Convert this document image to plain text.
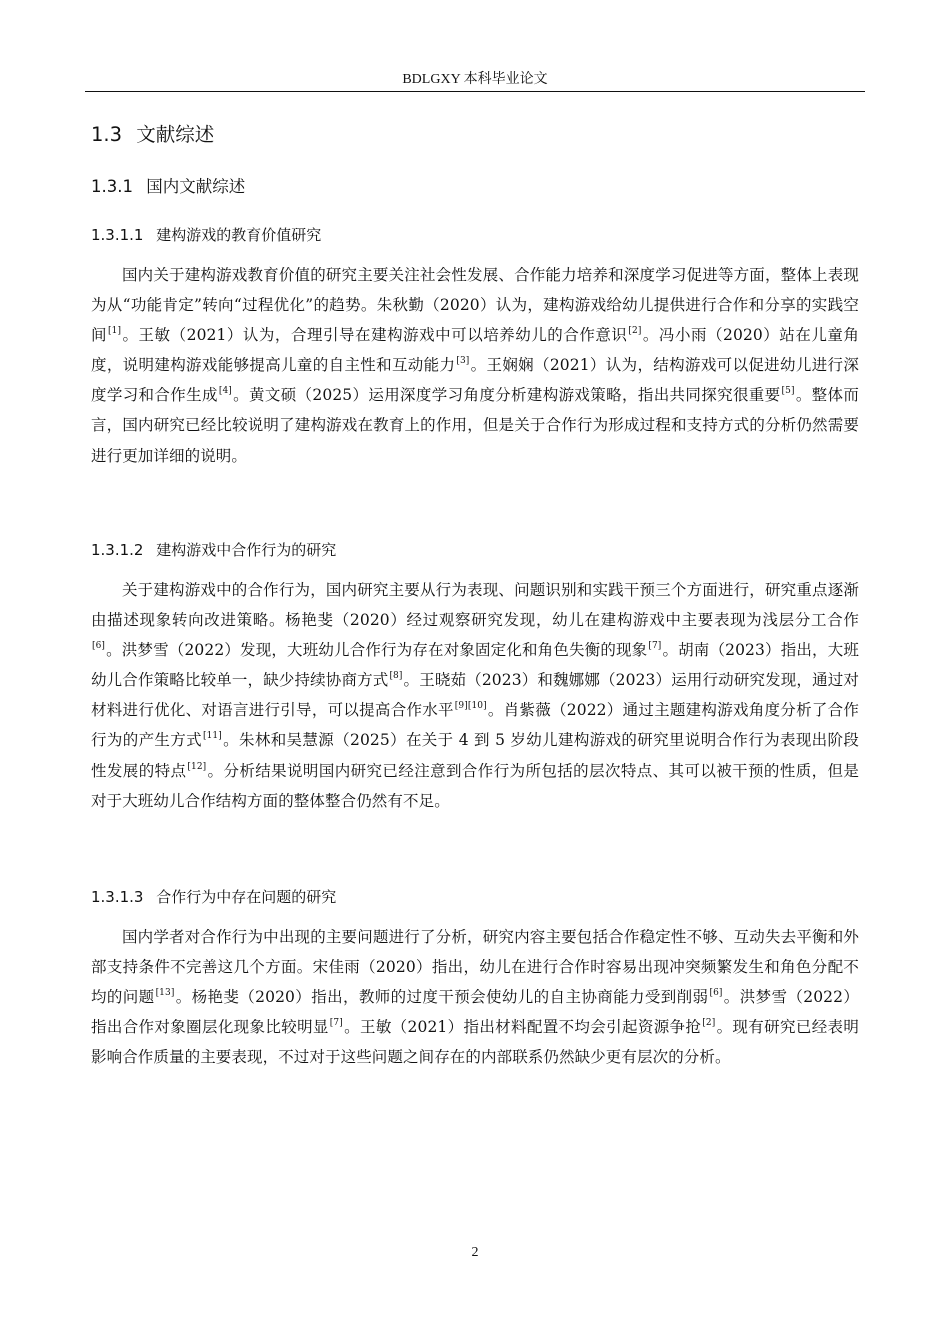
BDLGXY 本科毕业论文
1.3 文献综述
1.3.1 国内文献综述
1.3.1.1 建构游戏的教育价值研究

国内关于建构游戏教育价值的研究主要关注社会性发展、合作能力培养和深度学习促进等方面，整体上表现为从“功能肯定”转向“过程优化”的趋势。朱秋勤（2020）认为，建构游戏给幼儿提供进行合作和分享的实践空间[1]。王敏（2021）认为，合理引导在建构游戏中可以培养幼儿的合作意识[2]。冯小雨（2020）站在儿童角度，说明建构游戏能够提高儿童的自主性和互动能力[3]。王娴娴（2021）认为，结构游戏可以促进幼儿进行深度学习和合作生成[4]。黄文硕（2025）运用深度学习角度分析建构游戏策略，指出共同探究很重要[5]。整体而言，国内研究已经比较说明了建构游戏在教育上的作用，但是关于合作行为形成过程和支持方式的分析仍然需要进行更加详细的说明。

1.3.1.2 建构游戏中合作行为的研究

关于建构游戏中的合作行为，国内研究主要从行为表现、问题识别和实践干预三个方面进行，研究重点逐渐由描述现象转向改进策略。杨艳斐（2020）经过观察研究发现，幼儿在建构游戏中主要表现为浅层分工合作[6]。洪梦雪（2022）发现，大班幼儿合作行为存在对象固定化和角色失衡的现象[7]。胡南（2023）指出，大班幼儿合作策略比较单一，缺少持续协商方式[8]。王晓茹（2023）和魏娜娜（2023）运用行动研究发现，通过对材料进行优化、对语言进行引导，可以提高合作水平[9][10]。肖紫薇（2022）通过主题建构游戏角度分析了合作行为的产生方式[11]。朱林和吴慧源（2025）在关于 4 到 5 岁幼儿建构游戏的研究里说明合作行为表现出阶段性发展的特点[12]。分析结果说明国内研究已经注意到合作行为所包括的层次特点、其可以被干预的性质，但是对于大班幼儿合作结构方面的整体整合仍然有不足。

1.3.1.3 合作行为中存在问题的研究

国内学者对合作行为中出现的主要问题进行了分析，研究内容主要包括合作稳定性不够、互动失去平衡和外部支持条件不完善这几个方面。宋佳雨（2020）指出，幼儿在进行合作时容易出现冲突频繁发生和角色分配不均的问题[13]。杨艳斐（2020）指出，教师的过度干预会使幼儿的自主协商能力受到削弱[6]。洪梦雪（2022）指出合作对象圈层化现象比较明显[7]。王敏（2021）指出材料配置不均会引起资源争抢[2]。现有研究已经表明影响合作质量的主要表现，不过对于这些问题之间存在的内部联系仍然缺少更有层次的分析。

2
